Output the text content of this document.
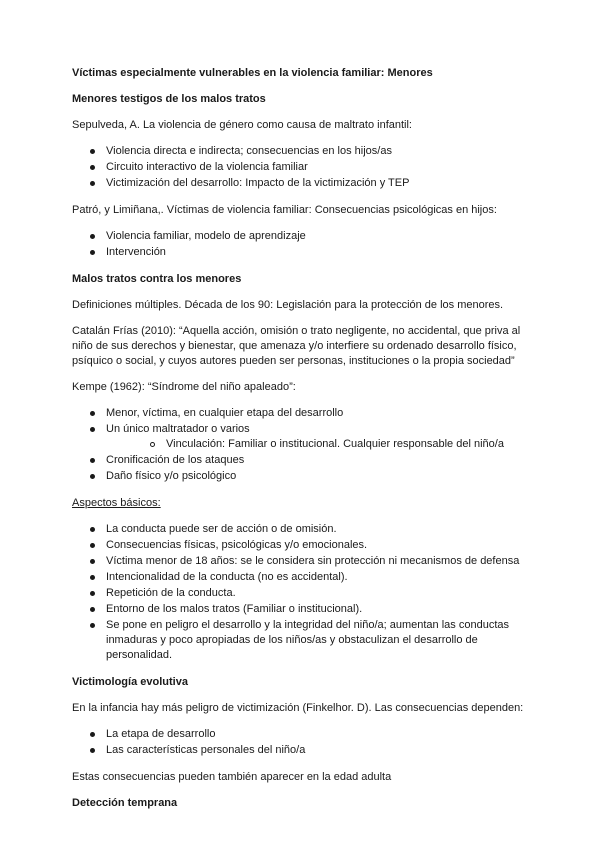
Víctimas especialmente vulnerables en la violencia familiar: Menores
Menores testigos de los malos tratos

Sepulveda, A. La violencia de género como causa de maltrato infantil:

Violencia directa e indirecta; consecuencias en los hijos/as
Circuito interactivo de la violencia familiar
Victimización del desarrollo: Impacto de la victimización y TEP

Patró, y Limiñana,. Víctimas de violencia familiar: Consecuencias psicológicas en hijos:

Violencia familiar, modelo de aprendizaje
Intervención
Malos tratos contra los menores

Definiciones múltiples. Década de los 90: Legislación para la protección de los menores.

Catalán Frías (2010): “Aquella acción, omisión o trato negligente, no accidental, que priva al niño de sus derechos y bienestar, que amenaza y/o interfiere su ordenado desarrollo físico, psíquico o social, y cuyos autores pueden ser personas, instituciones o la propia sociedad”

Kempe (1962): “Síndrome del niño apaleado”:

Menor, víctima, en cualquier etapa del desarrollo
Un único maltratador o varios
Vinculación: Familiar o institucional. Cualquier responsable del niño/a
Cronificación de los ataques
Daño físico y/o psicológico

Aspectos básicos:

La conducta puede ser de acción o de omisión.
Consecuencias físicas, psicológicas y/o emocionales.
Víctima menor de 18 años: se le considera sin protección ni mecanismos de defensa
Intencionalidad de la conducta (no es accidental).
Repetición de la conducta.
Entorno de los malos tratos (Familiar o institucional).
Se pone en peligro el desarrollo y la integridad del niño/a; aumentan las conductas inmaduras y poco apropiadas de los niños/as y obstaculizan el desarrollo de personalidad.
Victimología evolutiva

En la infancia hay más peligro de victimización (Finkelhor. D). Las consecuencias dependen:

La etapa de desarrollo
Las características personales del niño/a

Estas consecuencias pueden también aparecer en la edad adulta

Detección temprana
